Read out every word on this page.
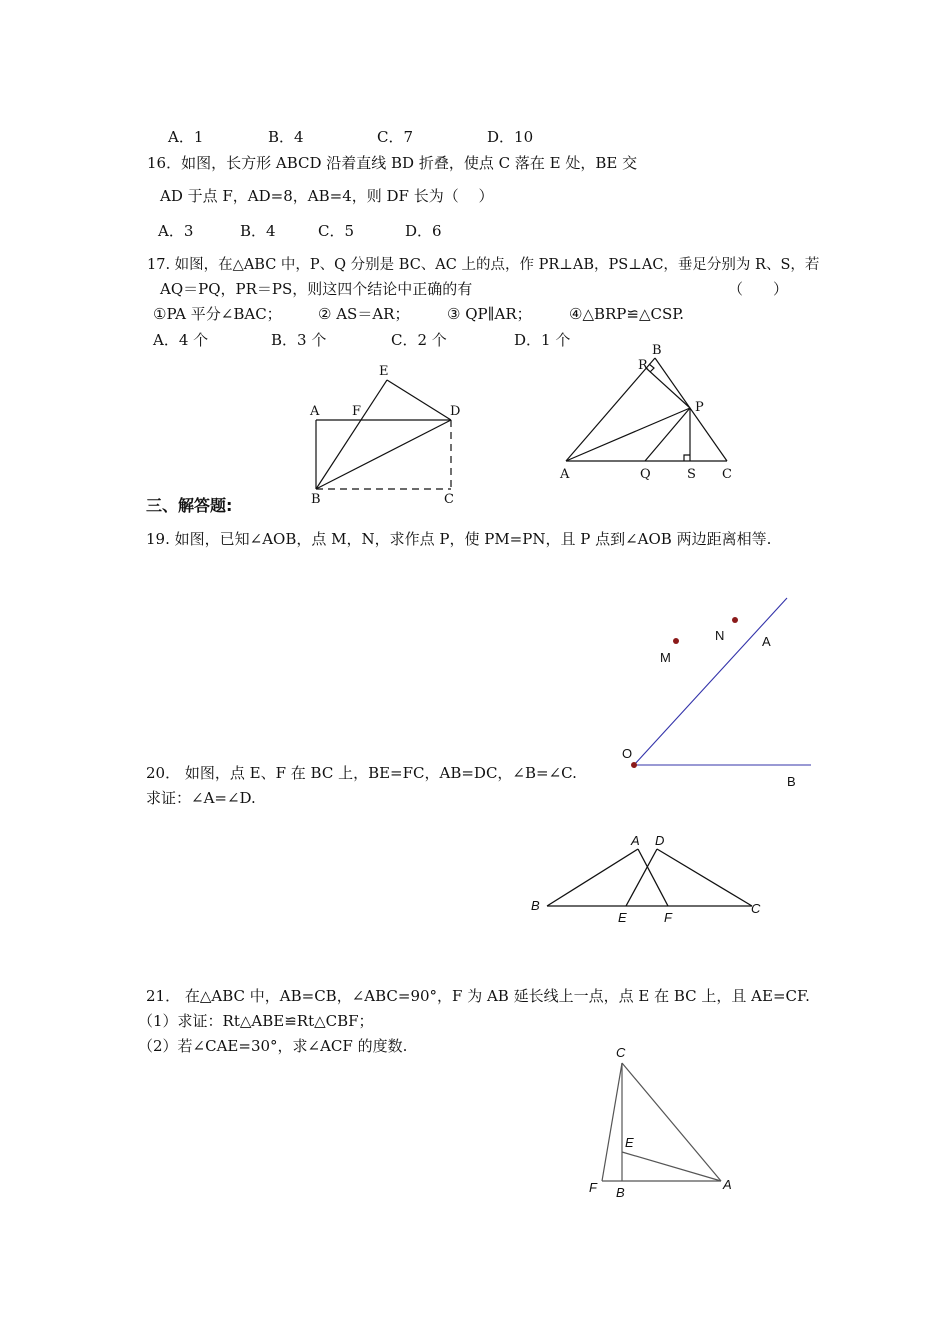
A．1	B．4	C．7	D．10
16．如图，长方形 ABCD 沿着直线 BD 折叠，使点 C 落在 E 处，BE 交
AD 于点 F，AD=8，AB=4，则 DF 长为（　 ）
A．3	B．4	C．5	D．6
17. 如图，在△ABC 中，P、Q 分别是 BC、AC 上的点，作 PR⊥AB，PS⊥AC，垂足分别为 R、S，若
AQ＝PQ，PR＝PS，则这四个结论中正确的有	（　　）
①PA 平分∠BAC； ② AS＝AR；	③ QP∥AR； ④△BRP≌△CSP.
A．4 个	B．3 个	C．2 个	D．1 个
E
A	F	D
B	C
B
R
P
A	Q	S C
三、解答题:
19. 如图，已知∠AOB，点 M，N，求作点 P，使 PM=PN，且 P 点到∠AOB 两边距离相等.
M
N	A
O
B
20． 如图，点 E、F 在 BC 上，BE=FC，AB=DC，∠B=∠C.
求证：∠A=∠D.
A D
B
E	F
C
21． 在△ABC 中，AB=CB，∠ABC=90°，F 为 AB 延长线上一点，点 E 在 BC 上，且 AE=CF.
（1）求证：Rt△ABE≌Rt△CBF；
（2）若∠CAE=30°，求∠ACF 的度数.	C
E
F B
A
